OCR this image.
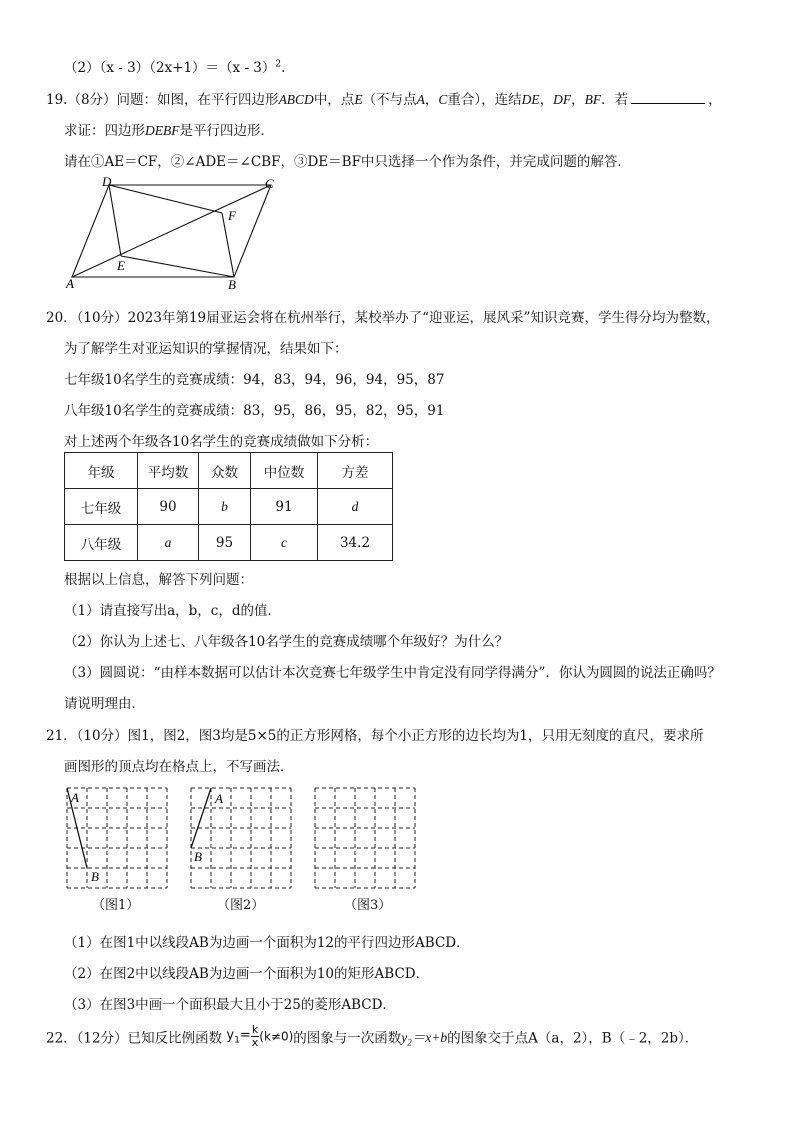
（2）（x - 3）（2x+1）＝（x - 3）$^2$.
19.（8分）问题：如图，在平行四边形ABCD中，点E（不与点A，C重合），连结DE，DF，BF．若	，
求证：四边形DEBF是平行四边形．
请在①AE＝CF，②∠ADE＝∠CBF，③DE＝BF中只选择一个作为条件，并完成问题的解答．
D	C
F
E
A	B
20．（10分）2023年第19届亚运会将在杭州举行，某校举办了“迎亚运，展风采”知识竞赛，学生得分均为整数，
为了解学生对亚运知识的掌握情况，结果如下：
七年级10名学生的竞赛成绩：94，83，94，96，94，95，87
八年级10名学生的竞赛成绩：83，95，86，95，82，95，91
对上述两个年级各10名学生的竞赛成绩做如下分析：
年级	平均数	众数	中位数	方差
七年级	90	b	91	d
八年级	a	95	c	34.2
根据以上信息，解答下列问题：
（1）请直接写出a，b，c，d的值．
（2）你认为上述七、八年级各10名学生的竞赛成绩哪个年级好？为什么？
（3）圆圆说：“由样本数据可以估计本次竞赛七年级学生中肯定没有同学得满分”．你认为圆圆的说法正确吗？
请说明理由．
21．（10分）图1，图2，图3均是5×5的正方形网格，每个小正方形的边长均为1，只用无刻度的直尺，要求所
画图形的顶点均在格点上，不写画法．
A
B
（图1）
A
B
（图2）	（图3）
（1）在图1中以线段AB为边画一个面积为12的平行四边形ABCD．
（2）在图2中以线段AB为边画一个面积为10的矩形ABCD．
（3）在图3中画一个面积最大且小于25的菱形ABCD．
22．（12分）已知反比例函数 $y_1= \frac{k}{x} (k\ne 0)$的图象与一次函数$y_2=x+b$的图象交于点A（a，2），B（﹣2，2b）．
